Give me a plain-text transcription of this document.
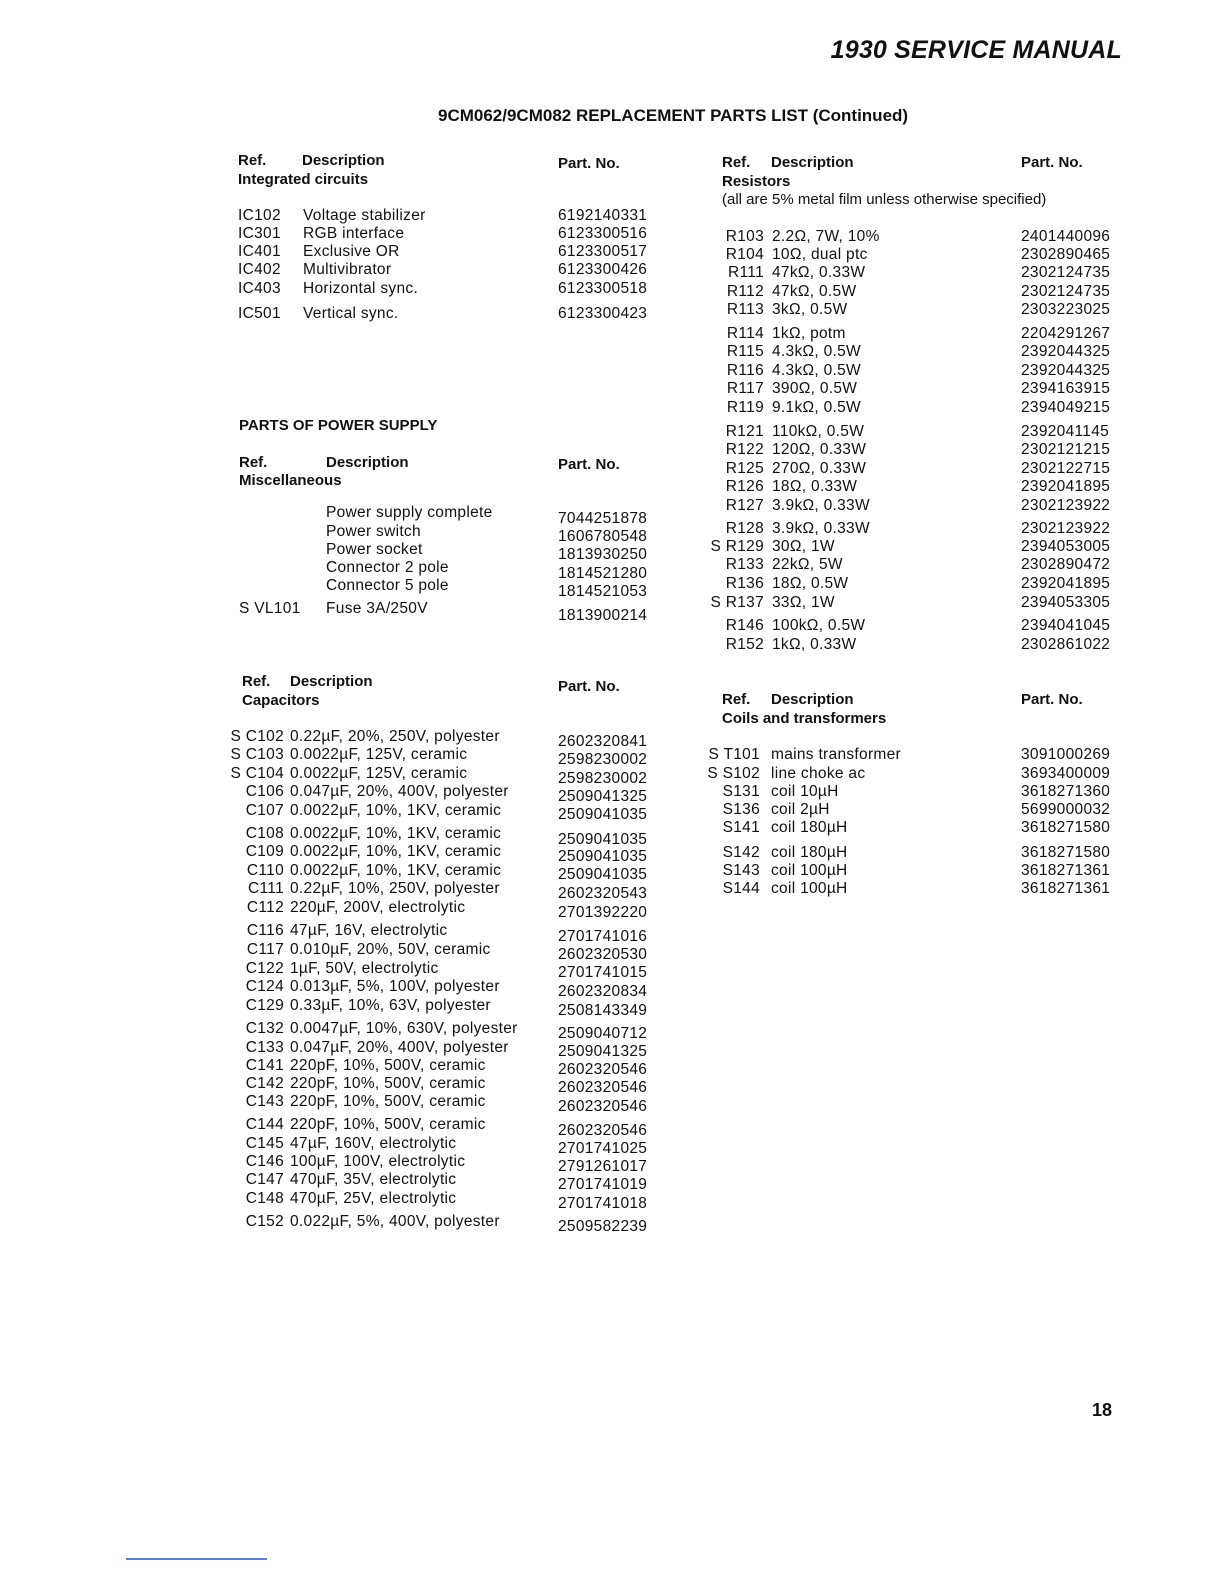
1930 SERVICE MANUAL
9CM062/9CM082 REPLACEMENT PARTS LIST (Continued)
Ref. Description	Part. No.
Integrated circuits
IC102 Voltage stabilizer	6192140331
IC301 RGB interface	6123300516
IC401 Exclusive OR	6123300517
IC402 Multivibrator	6123300426
IC403 Horizontal sync.	6123300518
IC501 Vertical sync.	6123300423
PARTS OF POWER SUPPLY
Ref.	Description	Part. No.
Miscellaneous
Power supply complete	7044251878
Power switch	1606780548
Power socket	1813930250
Connector 2 pole	1814521280
Connector 5 pole	1814521053
S VL101 Fuse 3A/250V	1813900214
Ref. Description	Part. No.
Capacitors
S C102 0.22µF, 20%, 250V, polyester	2602320841
S C103 0.0022µF, 125V, ceramic	2598230002
S C104 0.0022µF, 125V, ceramic	2598230002
C106 0.047µF, 20%, 400V, polyester	2509041325
C107 0.0022µF, 10%, 1KV, ceramic	2509041035
C108 0.0022µF, 10%, 1KV, ceramic	2509041035
C109 0.0022µF, 10%, 1KV, ceramic	2509041035
C110 0.0022µF, 10%, 1KV, ceramic	2509041035
C111 0.22µF, 10%, 250V, polyester	2602320543
C112 220µF, 200V, electrolytic	2701392220
C116 47µF, 16V, electrolytic	2701741016
C117 0.010µF, 20%, 50V, ceramic	2602320530
C122 1µF, 50V, electrolytic	2701741015
C124 0.013µF, 5%, 100V, polyester	2602320834
C129 0.33µF, 10%, 63V, polyester	2508143349
C132 0.0047µF, 10%, 630V, polyester	2509040712
C133 0.047µF, 20%, 400V, polyester	2509041325
C141 220pF, 10%, 500V, ceramic	2602320546
C142 220pF, 10%, 500V, ceramic	2602320546
C143 220pF, 10%, 500V, ceramic	2602320546
C144 220pF, 10%, 500V, ceramic	2602320546
C145 47µF, 160V, electrolytic	2701741025
C146 100µF, 100V, electrolytic	2791261017
C147 470µF, 35V, electrolytic	2701741019
C148 470µF, 25V, electrolytic	2701741018
C152 0.022µF, 5%, 400V, polyester	2509582239
Ref. Description	Part. No.
Resistors
(all are 5% metal film unless otherwise specified)
R103 2.2Ω, 7W, 10%	2401440096
R104 10Ω, dual ptc	2302890465
R111 47kΩ, 0.33W	2302124735
R112 47kΩ, 0.5W	2302124735
R113 3kΩ, 0.5W	2303223025
R114 1kΩ, potm	2204291267
R115 4.3kΩ, 0.5W	2392044325
R116 4.3kΩ, 0.5W	2392044325
R117 390Ω, 0.5W	2394163915
R119 9.1kΩ, 0.5W	2394049215
R121 110kΩ, 0.5W	2392041145
R122 120Ω, 0.33W	2302121215
R125 270Ω, 0.33W	2302122715
R126 18Ω, 0.33W	2392041895
R127 3.9kΩ, 0.33W	2302123922
R128 3.9kΩ, 0.33W	2302123922
S R129 30Ω, 1W	2394053005
R133 22kΩ, 5W	2302890472
R136 18Ω, 0.5W	2392041895
S R137 33Ω, 1W	2394053305
R146 100kΩ, 0.5W	2394041045
R152 1kΩ, 0.33W	2302861022
Ref. Description	Part. No.
Coils and transformers
S T101 mains transformer	3091000269
S S102 line choke ac	3693400009
S131 coil 10µH	3618271360
S136 coil 2µH	5699000032
S141 coil 180µH	3618271580
S142 coil 180µH	3618271580
S143 coil 100µH	3618271361
S144 coil 100µH	3618271361
18
